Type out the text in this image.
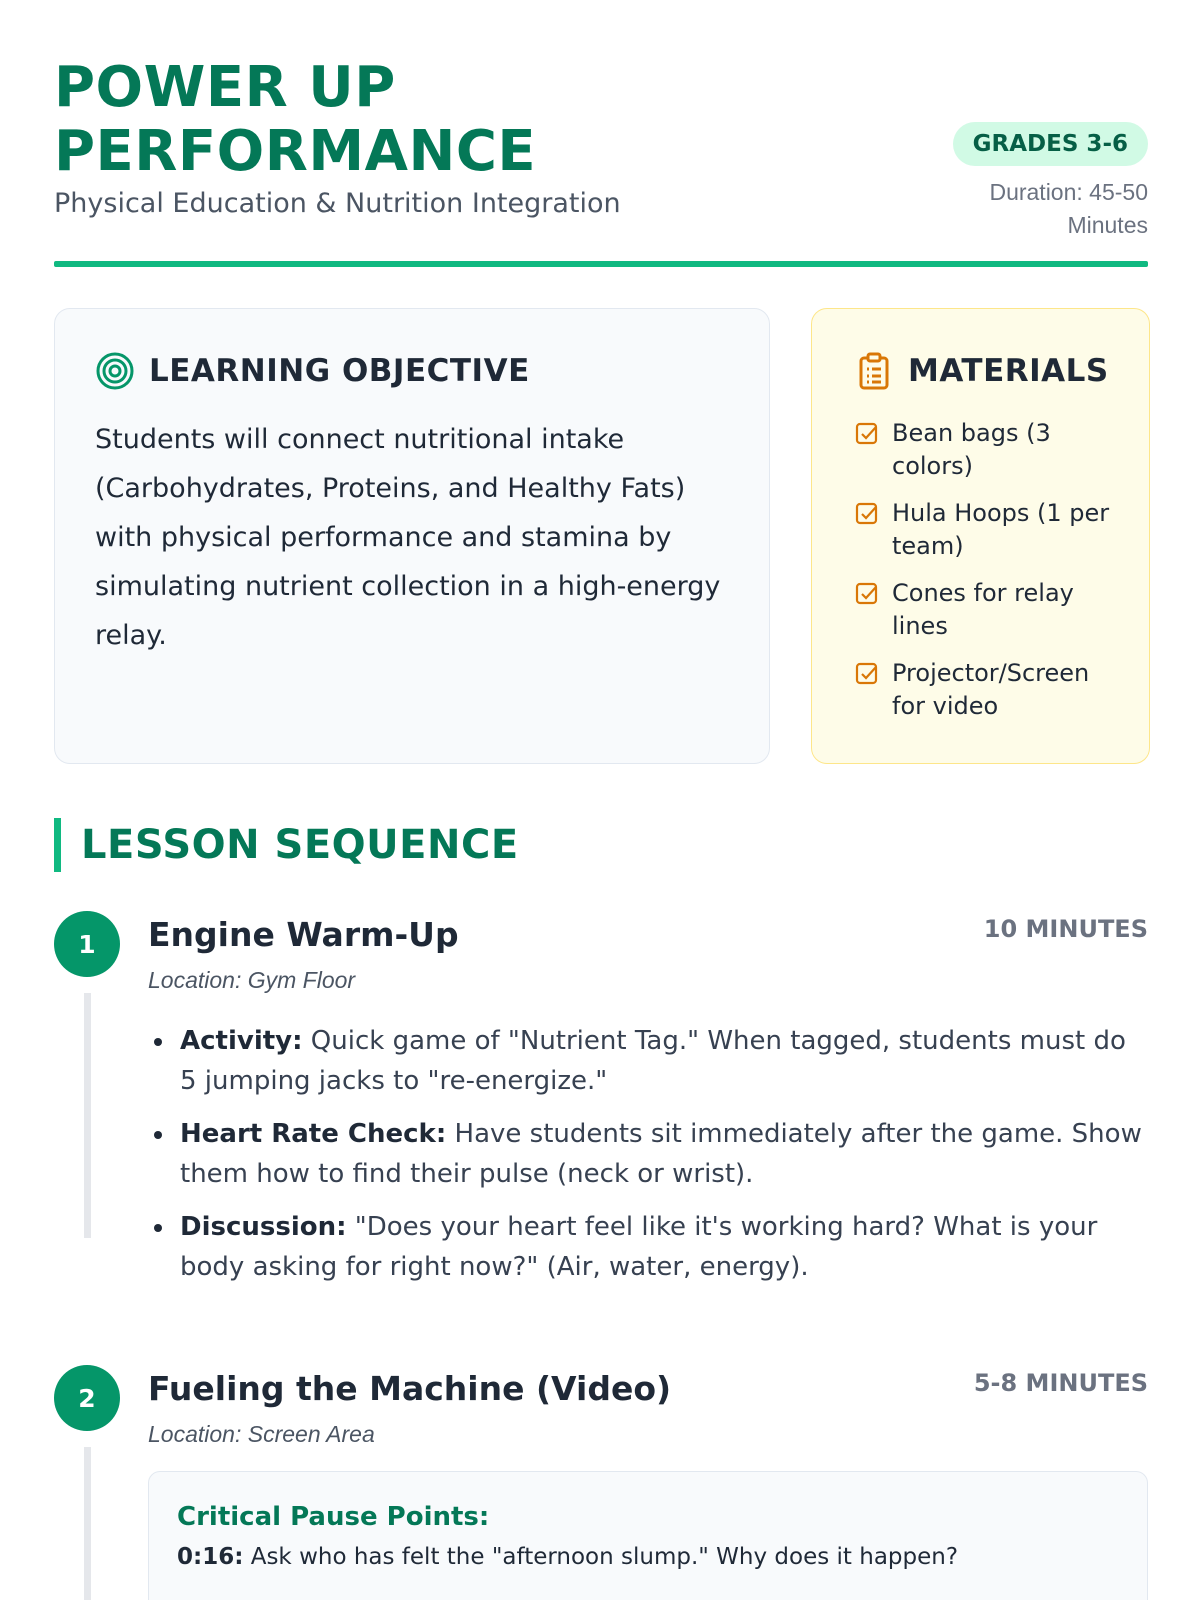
POWER UP
PERFORMANCE
Physical Education & Nutrition Integration
GRADES 3-6
Duration: 45-50 Minutes
LEARNING OBJECTIVE

Students will connect nutritional intake (Carbohydrates, Proteins, and Healthy Fats) with physical performance and stamina by simulating nutrient collection in a high-energy relay.

MATERIALS
Bean bags (3 colors)
Hula Hoops (1 per team)
Cones for relay lines
Projector/Screen for video
LESSON SEQUENCE
1	Engine Warm-Up	10 MINUTES
Location: Gym Floor
Activity: Quick game of "Nutrient Tag." When tagged, students must do 5 jumping jacks to "re-energize."
Heart Rate Check: Have students sit immediately after the game. Show them how to find their pulse (neck or wrist).
Discussion: "Does your heart feel like it's working hard? What is your body asking for right now?" (Air, water, energy).
2	Fueling the Machine (Video)	5-8 MINUTES
Location: Screen Area
Critical Pause Points:
0:16: Ask who has felt the "afternoon slump." Why does it happen?
